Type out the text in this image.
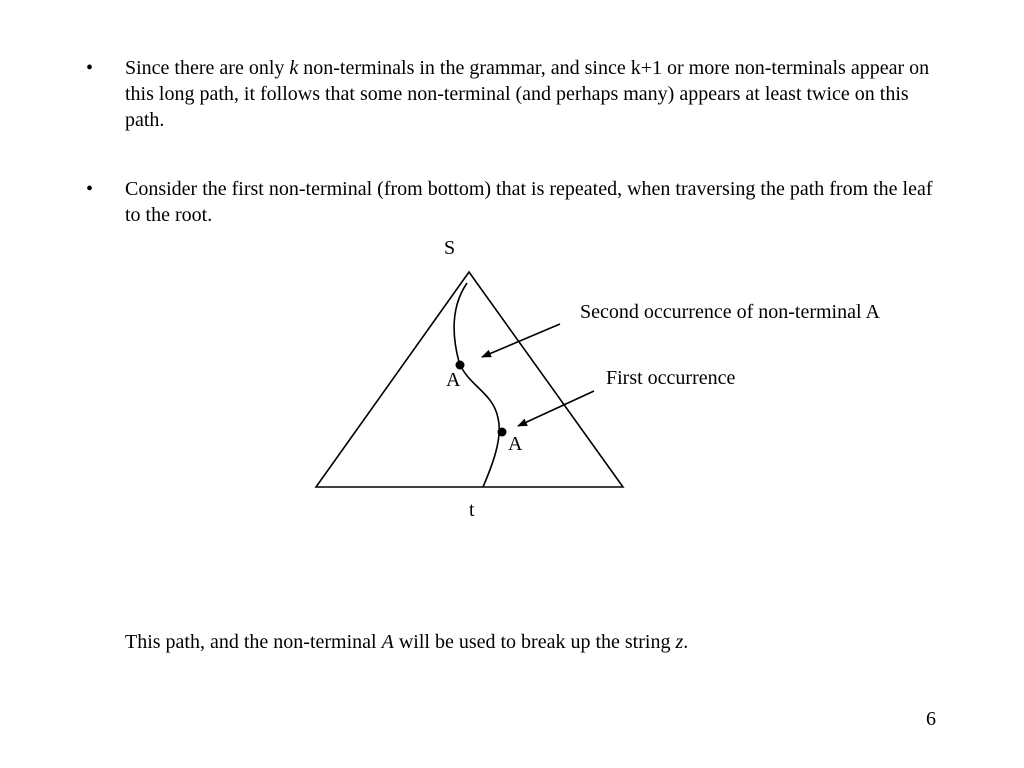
• Since there are only k non-terminals in the grammar, and since k+1 or more non-terminals appear on this long path, it follows that some non-terminal (and perhaps many) appears at least twice on this path.
• Consider the first non-terminal (from bottom) that is repeated, when traversing the path from the leaf to the root.
S
A
A
t
Second occurrence of non-terminal A
First occurrence
This path, and the non-terminal A will be used to break up the string z.
6
